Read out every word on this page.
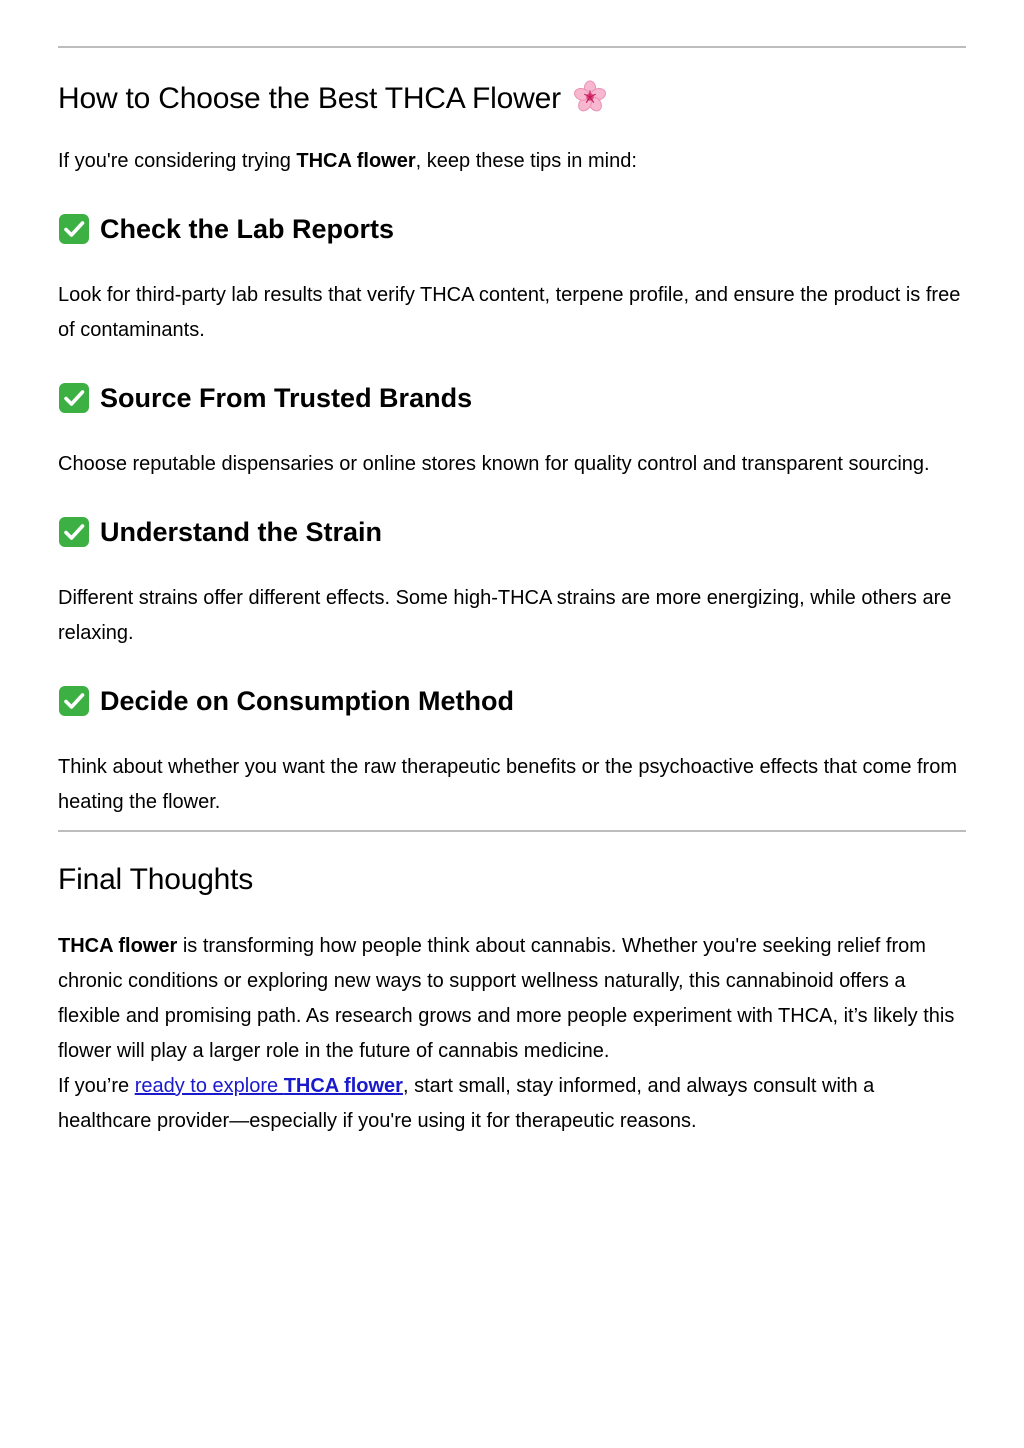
How to Choose the Best THCA Flower

If you're considering trying THCA flower, keep these tips in mind:

Check the Lab Reports

Look for third-party lab results that verify THCA content, terpene profile, and ensure the product is free of contaminants.

Source From Trusted Brands

Choose reputable dispensaries or online stores known for quality control and transparent sourcing.

Understand the Strain

Different strains offer different effects. Some high-THCA strains are more energizing, while others are relaxing.

Decide on Consumption Method

Think about whether you want the raw therapeutic benefits or the psychoactive effects that come from heating the flower.

Final Thoughts

THCA flower is transforming how people think about cannabis. Whether you're seeking relief from chronic conditions or exploring new ways to support wellness naturally, this cannabinoid offers a flexible and promising path. As research grows and more people experiment with THCA, it’s likely this flower will play a larger role in the future of cannabis medicine.

If you’re ready to explore THCA flower, start small, stay informed, and always consult with a healthcare provider—especially if you're using it for therapeutic reasons.
